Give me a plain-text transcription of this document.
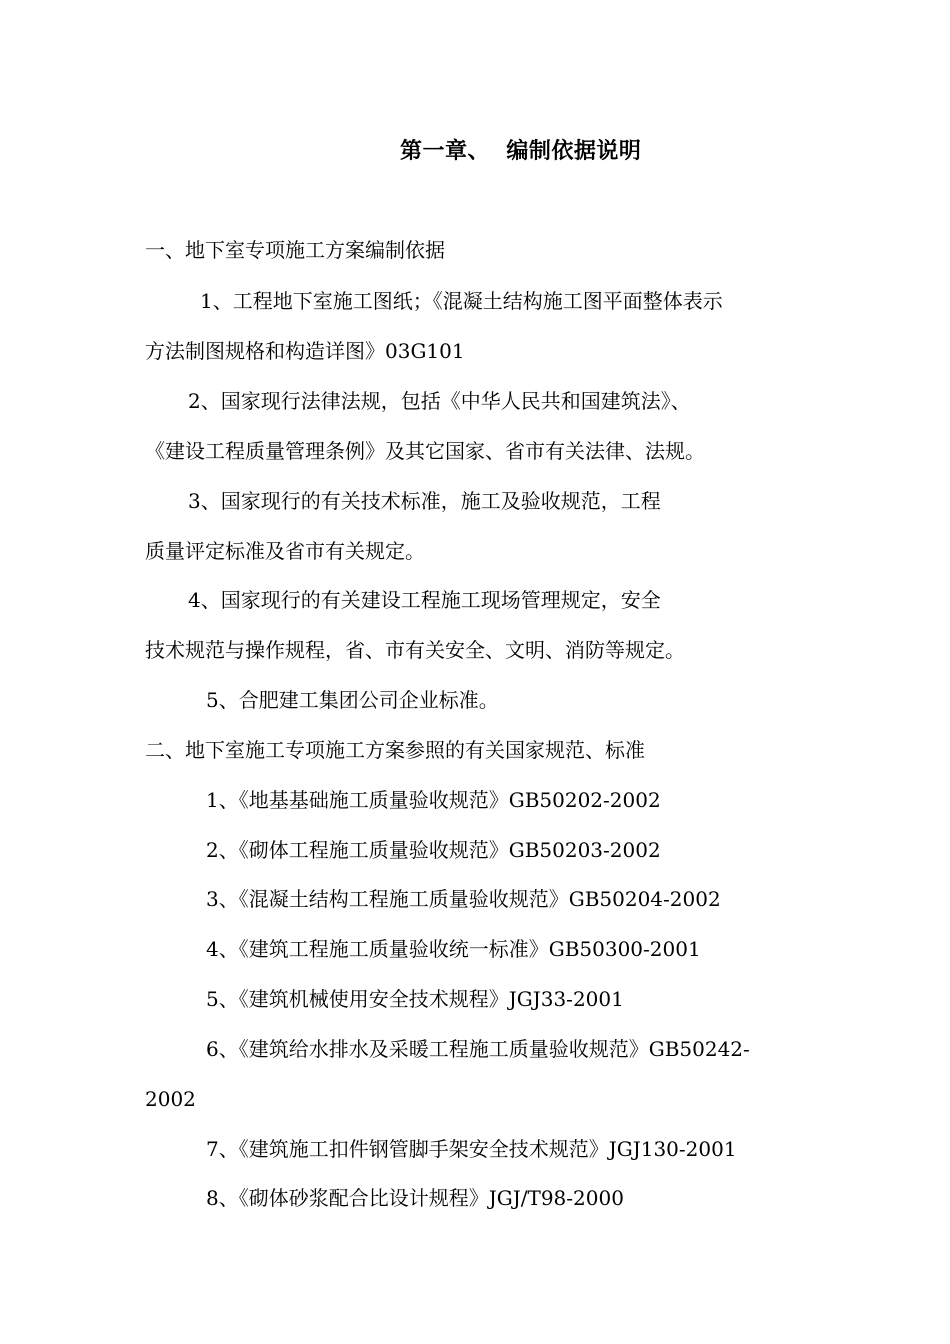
第一章、  编制依据说明
一、地下室专项施工方案编制依据
1、工程地下室施工图纸；《混凝土结构施工图平面整体表示
方法制图规格和构造详图》03G101
2、国家现行法律法规，包括《中华人民共和国建筑法》、
《建设工程质量管理条例》及其它国家、省市有关法律、法规。
3、国家现行的有关技术标准，施工及验收规范，工程
质量评定标准及省市有关规定。
4、国家现行的有关建设工程施工现场管理规定，安全
技术规范与操作规程，省、市有关安全、文明、消防等规定。
5、合肥建工集团公司企业标准。
二、地下室施工专项施工方案参照的有关国家规范、标准
1、《地基基础施工质量验收规范》GB50202-2002
2、《砌体工程施工质量验收规范》GB50203-2002
3、《混凝土结构工程施工质量验收规范》GB50204-2002
4、《建筑工程施工质量验收统一标准》GB50300-2001
5、《建筑机械使用安全技术规程》JGJ33-2001
6、《建筑给水排水及采暖工程施工质量验收规范》GB50242-
2002
7、《建筑施工扣件钢管脚手架安全技术规范》JGJ130-2001
8、《砌体砂浆配合比设计规程》JGJ/T98-2000
